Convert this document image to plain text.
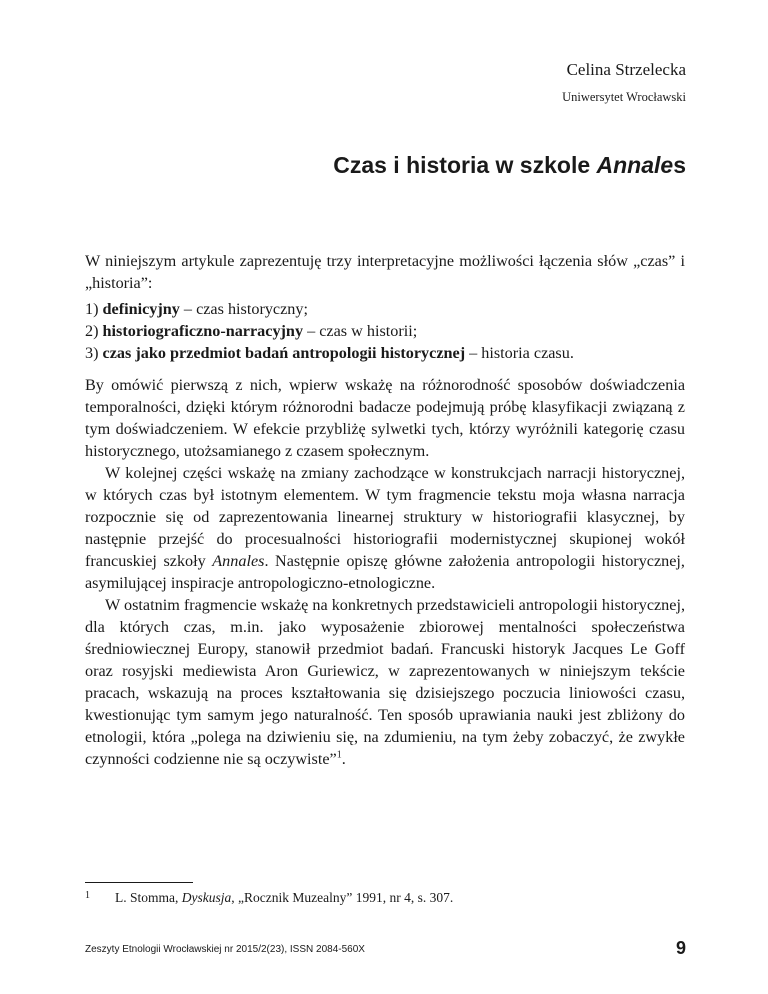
Celina Strzelecka
Uniwersytet Wrocławski
Czas i historia w szkole Annales
W niniejszym artykule zaprezentuję trzy interpretacyjne możliwości łączenia słów „czas” i „historia”:
1) definicyjny – czas historyczny;
2) historiograficzno-narracyjny – czas w historii;
3) czas jako przedmiot badań antropologii historycznej – historia czasu.

By omówić pierwszą z nich, wpierw wskażę na różnorodność sposobów doświadczenia temporalności, dzięki którym różnorodni badacze podejmują próbę klasyfikacji związaną z tym doświadczeniem. W efekcie przybliżę sylwetki tych, którzy wyróżnili kategorię czasu historycznego, utożsamianego z czasem społecznym.

W kolejnej części wskażę na zmiany zachodzące w konstrukcjach narracji historycznej, w których czas był istotnym elementem. W tym fragmencie tekstu moja własna narracja rozpocznie się od zaprezentowania linearnej struktury w historiografii klasycznej, by następnie przejść do procesualności historiografii modernistycznej skupionej wokół francuskiej szkoły Annales. Następnie opiszę główne założenia antropologii historycznej, asymilującej inspiracje antropologiczno-etnologiczne.

W ostatnim fragmencie wskażę na konkretnych przedstawicieli antropologii historycznej, dla których czas, m.in. jako wyposażenie zbiorowej mentalności społeczeństwa średniowiecznej Europy, stanowił przedmiot badań. Francuski historyk Jacques Le Goff oraz rosyjski mediewista Aron Guriewicz, w zaprezentowanych w niniejszym tekście pracach, wskazują na proces kształtowania się dzisiejszego poczucia liniowości czasu, kwestionując tym samym jego naturalność. Ten sposób uprawiania nauki jest zbliżony do etnologii, która „polega na dziwieniu się, na zdumieniu, na tym żeby zobaczyć, że zwykłe czynności codzienne nie są oczywiste”$^1$.

1 L. Stomma, Dyskusja, „Rocznik Muzealny” 1991, nr 4, s. 307.
Zeszyty Etnologii Wrocławskiej nr 2015/2(23), ISSN 2084-560X	9
